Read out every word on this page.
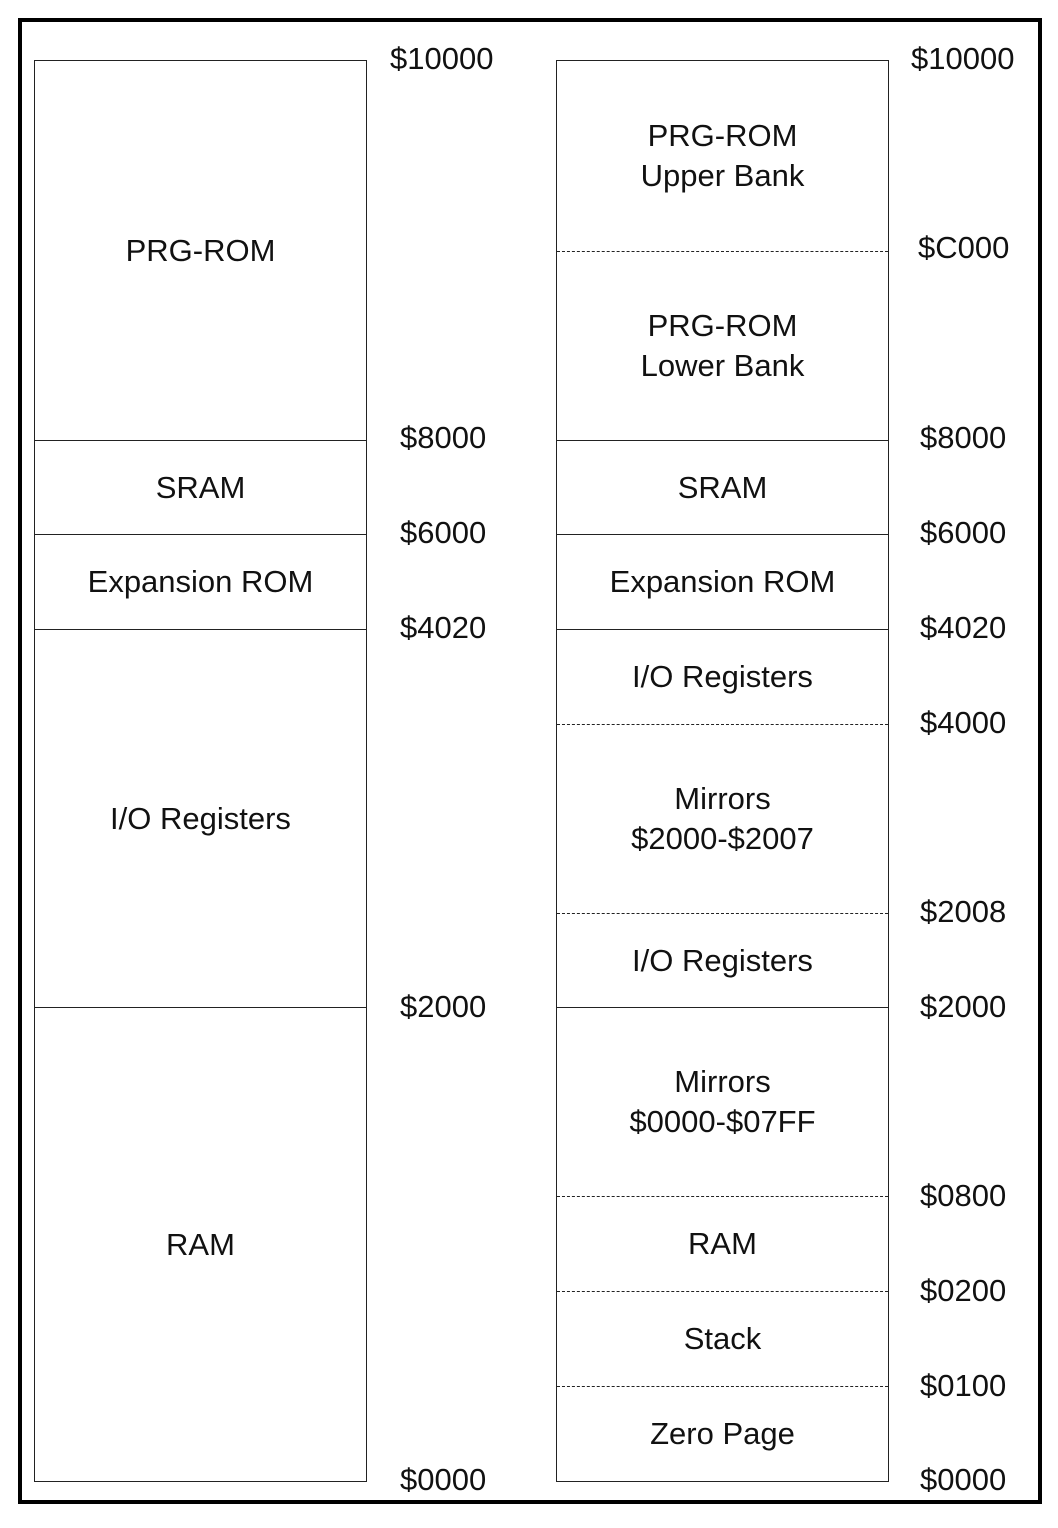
PRG-ROM
SRAM
Expansion ROM
I/O Registers
RAM
$10000
$8000
$6000
$4020
$2000
$0000
PRG-ROM
Upper Bank
PRG-ROM
Lower Bank
SRAM
Expansion ROM
I/O Registers
Mirrors
$2000-$2007
I/O Registers
Mirrors
$0000-$07FF
RAM
Stack
Zero Page
$10000
$C000
$8000
$6000
$4020
$4000
$2008
$2000
$0800
$0200
$0100
$0000
